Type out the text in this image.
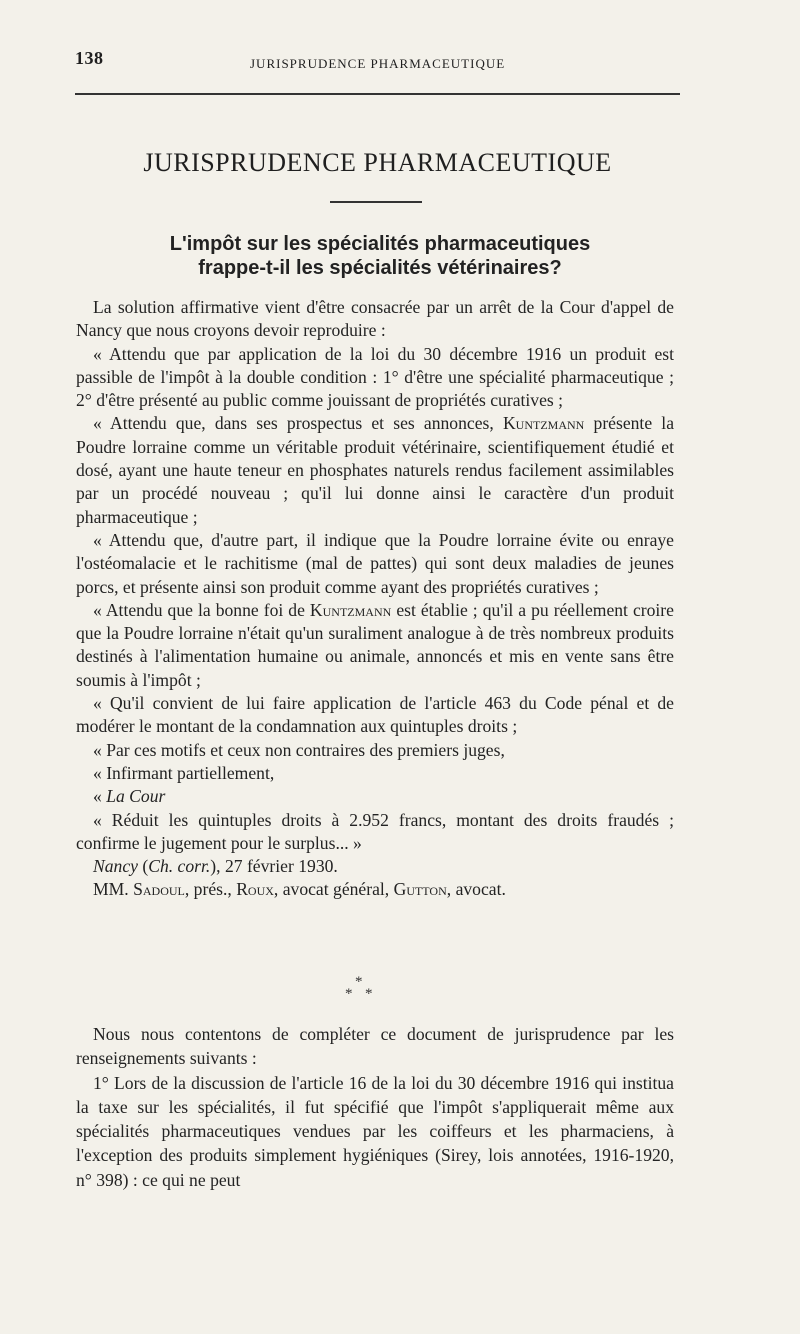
138	JURISPRUDENCE PHARMACEUTIQUE
JURISPRUDENCE PHARMACEUTIQUE
L'impôt sur les spécialités pharmaceutiques
frappe-t-il les spécialités vétérinaires?

La solution affirmative vient d'être consacrée par un arrêt de la Cour d'appel de Nancy que nous croyons devoir reproduire :

« Attendu que par application de la loi du 30 décembre 1916 un produit est passible de l'impôt à la double condition : 1° d'être une spécialité pharmaceutique ; 2° d'être présenté au public comme jouissant de propriétés curatives ;

« Attendu que, dans ses prospectus et ses annonces, Kuntzmann présente la Poudre lorraine comme un véritable produit vétérinaire, scientifiquement étudié et dosé, ayant une haute teneur en phosphates naturels rendus facilement assimilables par un procédé nouveau ; qu'il lui donne ainsi le caractère d'un produit pharmaceutique ;

« Attendu que, d'autre part, il indique que la Poudre lorraine évite ou enraye l'ostéomalacie et le rachitisme (mal de pattes) qui sont deux maladies de jeunes porcs, et présente ainsi son produit comme ayant des propriétés curatives ;

« Attendu que la bonne foi de Kuntzmann est établie ; qu'il a pu réellement croire que la Poudre lorraine n'était qu'un suraliment analogue à de très nombreux produits destinés à l'alimentation humaine ou animale, annoncés et mis en vente sans être soumis à l'impôt ;

« Qu'il convient de lui faire application de l'article 463 du Code pénal et de modérer le montant de la condamnation aux quintuples droits ;

« Par ces motifs et ceux non contraires des premiers juges,

« Infirmant partiellement,

« La Cour

« Réduit les quintuples droits à 2.952 francs, montant des droits fraudés ; confirme le jugement pour le surplus... »

Nancy (Ch. corr.), 27 février 1930.

MM. Sadoul, prés., Roux, avocat général, Gutton, avocat.

*
* *

Nous nous contentons de compléter ce document de jurisprudence par les renseignements suivants :

1° Lors de la discussion de l'article 16 de la loi du 30 décembre 1916 qui institua la taxe sur les spécialités, il fut spécifié que l'impôt s'appliquerait même aux spécialités pharmaceutiques vendues par les coiffeurs et les pharmaciens, à l'exception des produits simplement hygiéniques (Sirey, lois annotées, 1916-1920, n° 398) : ce qui ne peut
